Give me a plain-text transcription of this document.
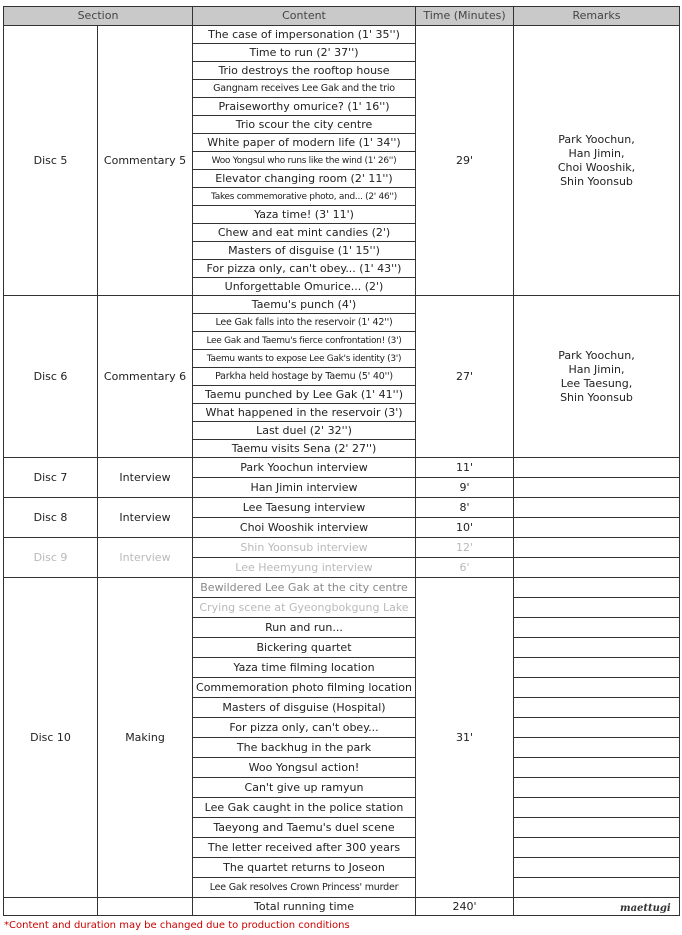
Section		Content	Time (Minutes)	Remarks
Disc 5	Commentary 5	The case of impersonation (1' 35'')	29'	Park Yoochun,
Han Jimin,
Choi Wooshik,
Shin Yoonsub

		Time to run (2' 37'')		
		Trio destroys the rooftop house		
		Gangnam receives Lee Gak and the trio		
		Praiseworthy omurice? (1' 16'')		
		Trio scour the city centre		
		White paper of modern life (1' 34'')		
		Woo Yongsul who runs like the wind (1' 26'')		
		Elevator changing room (2' 11'')		
		Takes commemorative photo, and... (2' 46'')		
		Yaza time! (3' 11')		
		Chew and eat mint candies (2')		
		Masters of disguise (1' 15'')		
		For pizza only, can't obey... (1' 43'')		
		Unforgettable Omurice... (2')		
Disc 6	Commentary 6	Taemu's punch (4')	27'	Park Yoochun,
Han Jimin,
Lee Taesung,
Shin Yoonsub

		Lee Gak falls into the reservoir (1' 42'')		
		Lee Gak and Taemu's fierce confrontation! (3')		
		Taemu wants to expose Lee Gak's identity (3')		
		Parkha held hostage by Taemu (5' 40'')		
		Taemu punched by Lee Gak (1' 41'')		
		What happened in the reservoir (3')		
		Last duel (2' 32'')		
		Taemu visits Sena (2' 27'')		
Disc 7	Interview	Park Yoochun interview	11'	
		Han Jimin interview	9'	
Disc 8	Interview	Lee Taesung interview	8'	
		Choi Wooshik interview	10'	
Disc 9	Interview	Shin Yoonsub interview	12'	
		Lee Heemyung interview	6'	
Disc 10	Making	Bewildered Lee Gak at the city centre	31'	
		Crying scene at Gyeongbokgung Lake		
		Run and run...		
		Bickering quartet		
		Yaza time filming location		
		Commemoration photo filming location		
		Masters of disguise (Hospital)		
		For pizza only, can't obey...		
		The backhug in the park		
		Woo Yongsul action!		
		Can't give up ramyun		
		Lee Gak caught in the police station		
		Taeyong and Taemu's duel scene		
		The letter received after 300 years		
		The quartet returns to Joseon		
		Lee Gak resolves Crown Princess' murder		
		Total running time	240'		maettugi
*Content and duration may be changed due to production conditions
